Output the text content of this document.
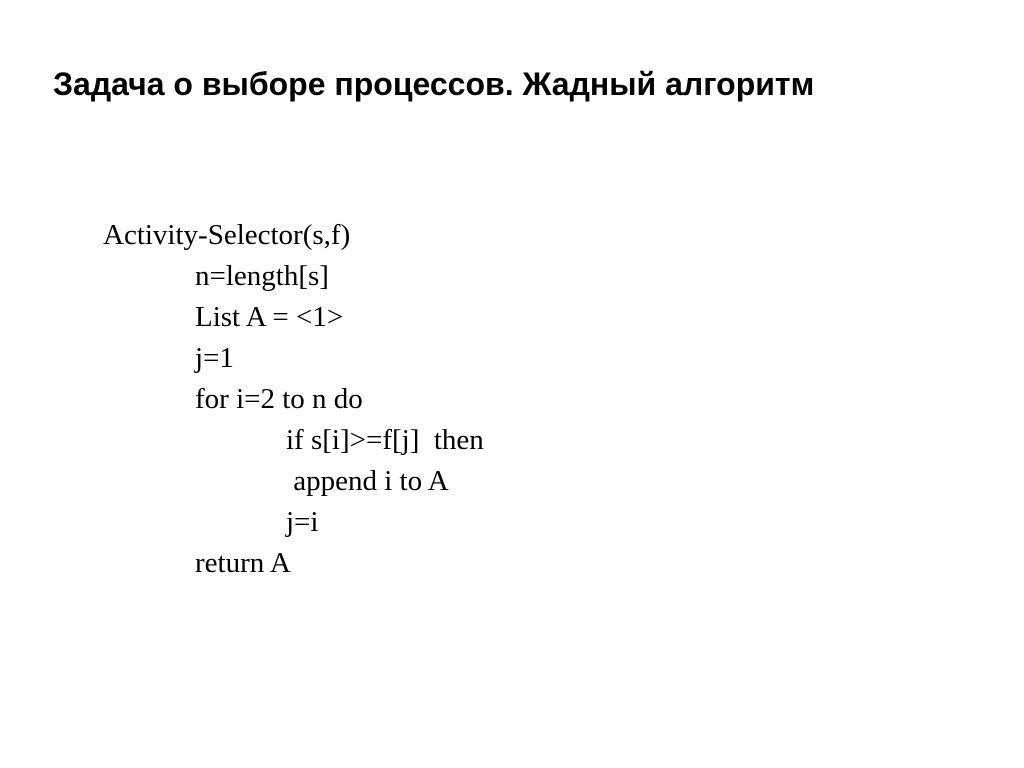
Задача о выборе процессов. Жадный алгоритм
Activity-Selector(s,f)
n=length[s]
List A = <1>
j=1
for i=2 to n do
if s[i]>=f[j]  then
append i to A
j=i
return A
